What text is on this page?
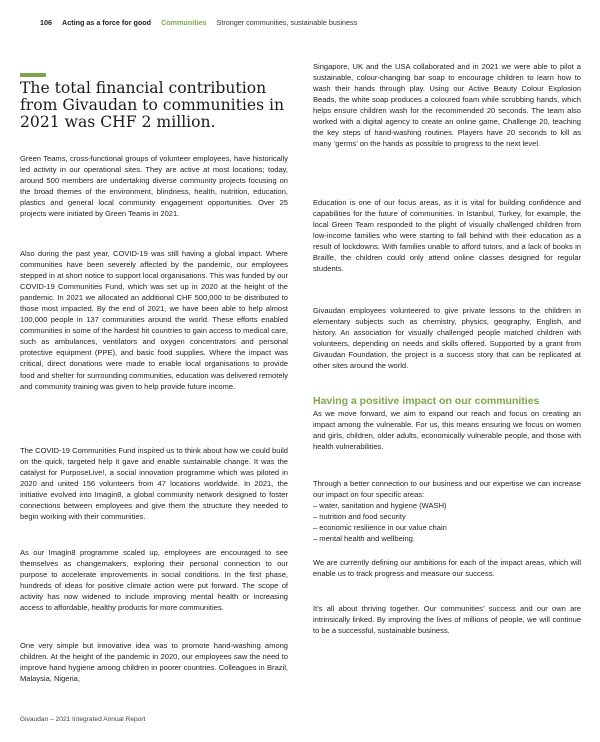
106 Acting as a force for good Communities Stronger communities, sustainable business
The total financial contribution from Givaudan to communities in 2021 was CHF 2 million.

Green Teams, cross-functional groups of volunteer employees, have historically led activity in our operational sites. They are active at most locations; today, around 500 members are undertaking diverse community projects focusing on the broad themes of the environment, blindness, health, nutrition, education, plastics and general local community engagement opportunities. Over 25 projects were initiated by Green Teams in 2021.

Also during the past year, COVID-19 was still having a global impact. Where communities have been severely affected by the pandemic, our employees stepped in at short notice to support local organisations. This was funded by our COVID-19 Communities Fund, which was set up in 2020 at the height of the pandemic. In 2021 we allocated an additional CHF 500,000 to be distributed to those most impacted. By the end of 2021, we have been able to help almost 100,000 people in 137 communities around the world. These efforts enabled communities in some of the hardest hit countries to gain access to medical care, such as ambulances, ventilators and oxygen concentrators and personal protective equipment (PPE), and basic food supplies. Where the impact was critical, direct donations were made to enable local organisations to provide food and shelter for surrounding communities, education was delivered remotely and community training was given to help provide future income.

The COVID-19 Communities Fund inspired us to think about how we could build on the quick, targeted help it gave and enable sustainable change. It was the catalyst for PurposeLive!, a social innovation programme which was piloted in 2020 and united 156 volunteers from 47 locations worldwide. In 2021, the initiative evolved into Imagin8, a global community network designed to foster connections between employees and give them the structure they needed to begin working with their communities.

As our Imagin8 programme scaled up, employees are encouraged to see themselves as changemakers, exploring their personal connection to our purpose to accelerate improvements in social conditions. In the first phase, hundreds of ideas for positive climate action were put forward. The scope of activity has now widened to include improving mental health or increasing access to affordable, healthy products for more communities.

One very simple but innovative idea was to promote hand-washing among children. At the height of the pandemic in 2020, our employees saw the need to improve hand hygiene among children in poorer countries. Colleagues in Brazil, Malaysia, Nigeria,

Singapore, UK and the USA collaborated and in 2021 we were able to pilot a sustainable, colour-changing bar soap to encourage children to learn how to wash their hands through play. Using our Active Beauty Colour Explosion Beads, the white soap produces a coloured foam while scrubbing hands, which helps ensure children wash for the recommended 20 seconds. The team also worked with a digital agency to create an online game, Challenge 20, teaching the key steps of hand-washing routines. Players have 20 seconds to kill as many ‘germs’ on the hands as possible to progress to the next level.

Education is one of our focus areas, as it is vital for building confidence and capabilities for the future of communities. In Istanbul, Turkey, for example, the local Green Team responded to the plight of visually challenged children from low-income families who were starting to fall behind with their education as a result of lockdowns. With families unable to afford tutors, and a lack of books in Braille, the children could only attend online classes designed for regular students.

Givaudan employees volunteered to give private lessons to the children in elementary subjects such as chemistry, physics, geography, English, and history. An association for visually challenged people matched children with volunteers, depending on needs and skills offered. Supported by a grant from Givaudan Foundation, the project is a success story that can be replicated at other sites around the world.

Having a positive impact on our communities

As we move forward, we aim to expand our reach and focus on creating an impact among the vulnerable. For us, this means ensuring we focus on women and girls, children, older adults, economically vulnerable people, and those with health vulnerabilities.

Through a better connection to our business and our expertise we can increase our impact on four specific areas:

– water, sanitation and hygiene (WASH)
– nutrition and food security
– economic resilience in our value chain
– mental health and wellbeing.

We are currently defining our ambitions for each of the impact areas, which will enable us to track progress and measure our success.

It’s all about thriving together. Our communities’ success and our own are intrinsically linked. By improving the lives of millions of people, we will continue to be a successful, sustainable business.

Givaudan – 2021 Integrated Annual Report
